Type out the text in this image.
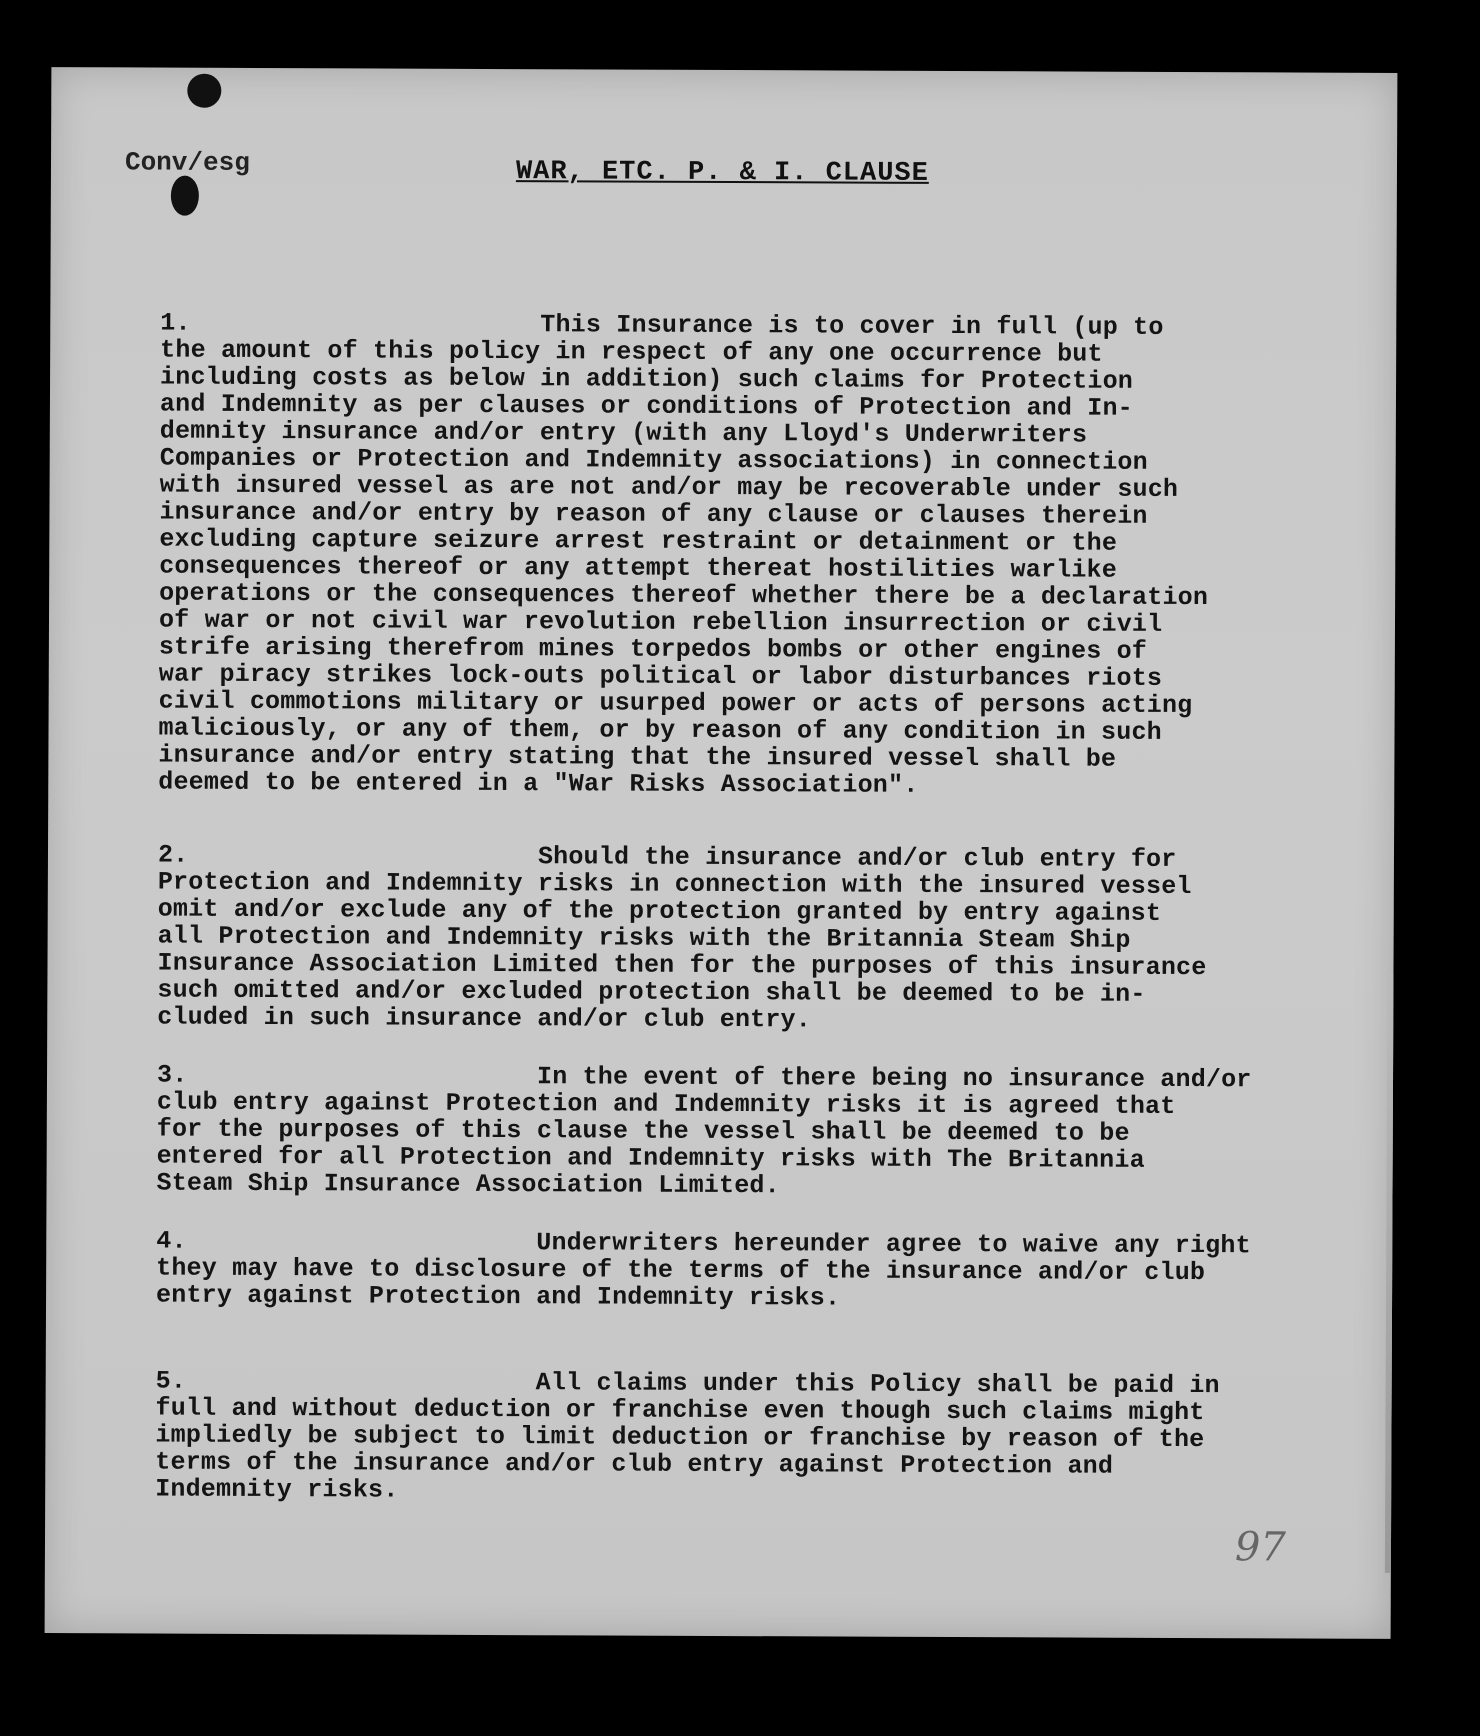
Conv/esg	WAR, ETC. P. & I. CLAUSE
1.	This Insurance is to cover in full (up to
the amount of this policy in respect of any one occurrence but
including costs as below in addition) such claims for Protection
and Indemnity as per clauses or conditions of Protection and In-
demnity insurance and/or entry (with any Lloyd's Underwriters
Companies or Protection and Indemnity associations) in connection
with insured vessel as are not and/or may be recoverable under such
insurance and/or entry by reason of any clause or clauses therein
excluding capture seizure arrest restraint or detainment or the
consequences thereof or any attempt thereat hostilities warlike
operations or the consequences thereof whether there be a declaration
of war or not civil war revolution rebellion insurrection or civil
strife arising therefrom mines torpedos bombs or other engines of
war piracy strikes lock-outs political or labor disturbances riots
civil commotions military or usurped power or acts of persons acting
maliciously, or any of them, or by reason of any condition in such
insurance and/or entry stating that the insured vessel shall be
deemed to be entered in a "War Risks Association".
2.	Should the insurance and/or club entry for
Protection and Indemnity risks in connection with the insured vessel
omit and/or exclude any of the protection granted by entry against
all Protection and Indemnity risks with the Britannia Steam Ship
Insurance Association Limited then for the purposes of this insurance
such omitted and/or excluded protection shall be deemed to be in-
cluded in such insurance and/or club entry.
3.	In the event of there being no insurance and/or
club entry against Protection and Indemnity risks it is agreed that
for the purposes of this clause the vessel shall be deemed to be
entered for all Protection and Indemnity risks with The Britannia
Steam Ship Insurance Association Limited.
4.	Underwriters hereunder agree to waive any right
they may have to disclosure of the terms of the insurance and/or club
entry against Protection and Indemnity risks.
5.	All claims under this Policy shall be paid in
full and without deduction or franchise even though such claims might
impliedly be subject to limit deduction or franchise by reason of the
terms of the insurance and/or club entry against Protection and
Indemnity risks.
97
